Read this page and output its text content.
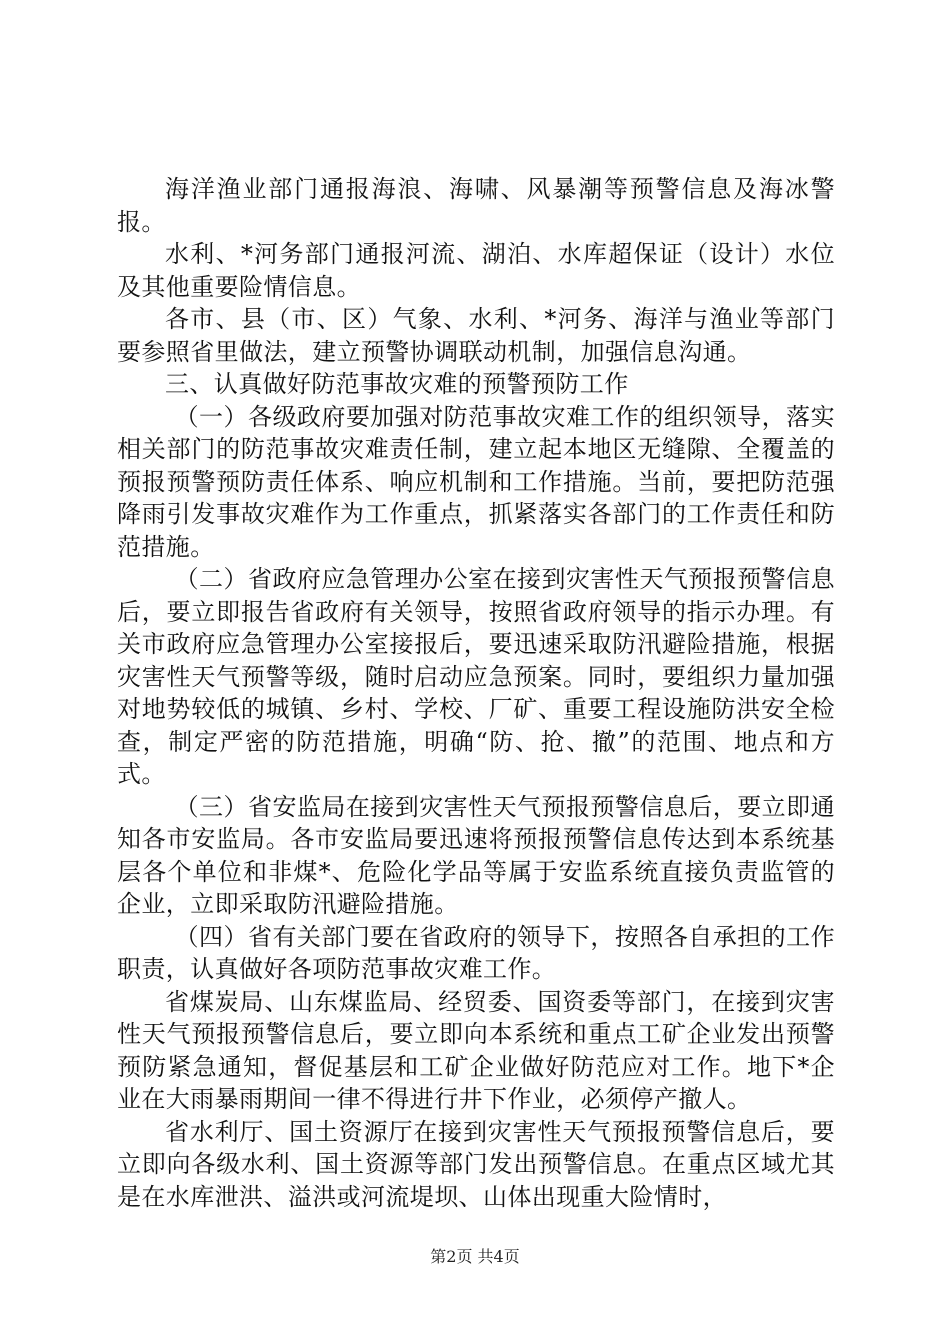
海洋渔业部门通报海浪、海啸、风暴潮等预警信息及海冰警报。

水利、*河务部门通报河流、湖泊、水库超保证（设计）水位及其他重要险情信息。

各市、县（市、区）气象、水利、*河务、海洋与渔业等部门要参照省里做法，建立预警协调联动机制，加强信息沟通。

三、认真做好防范事故灾难的预警预防工作

（一）各级政府要加强对防范事故灾难工作的组织领导，落实相关部门的防范事故灾难责任制，建立起本地区无缝隙、全覆盖的预报预警预防责任体系、响应机制和工作措施。当前，要把防范强降雨引发事故灾难作为工作重点，抓紧落实各部门的工作责任和防范措施。

（二）省政府应急管理办公室在接到灾害性天气预报预警信息后，要立即报告省政府有关领导，按照省政府领导的指示办理。有关市政府应急管理办公室接报后，要迅速采取防汛避险措施，根据灾害性天气预警等级，随时启动应急预案。同时，要组织力量加强对地势较低的城镇、乡村、学校、厂矿、重要工程设施防洪安全检查，制定严密的防范措施，明确“防、抢、撤”的范围、地点和方式。

（三）省安监局在接到灾害性天气预报预警信息后，要立即通知各市安监局。各市安监局要迅速将预报预警信息传达到本系统基层各个单位和非煤*、危险化学品等属于安监系统直接负责监管的企业，立即采取防汛避险措施。

（四）省有关部门要在省政府的领导下，按照各自承担的工作职责，认真做好各项防范事故灾难工作。

省煤炭局、山东煤监局、经贸委、国资委等部门，在接到灾害性天气预报预警信息后，要立即向本系统和重点工矿企业发出预警预防紧急通知，督促基层和工矿企业做好防范应对工作。地下*企业在大雨暴雨期间一律不得进行井下作业，必须停产撤人。

省水利厅、国土资源厅在接到灾害性天气预报预警信息后，要立即向各级水利、国土资源等部门发出预警信息。在重点区域尤其是在水库泄洪、溢洪或河流堤坝、山体出现重大险情时，

第2页 共4页
